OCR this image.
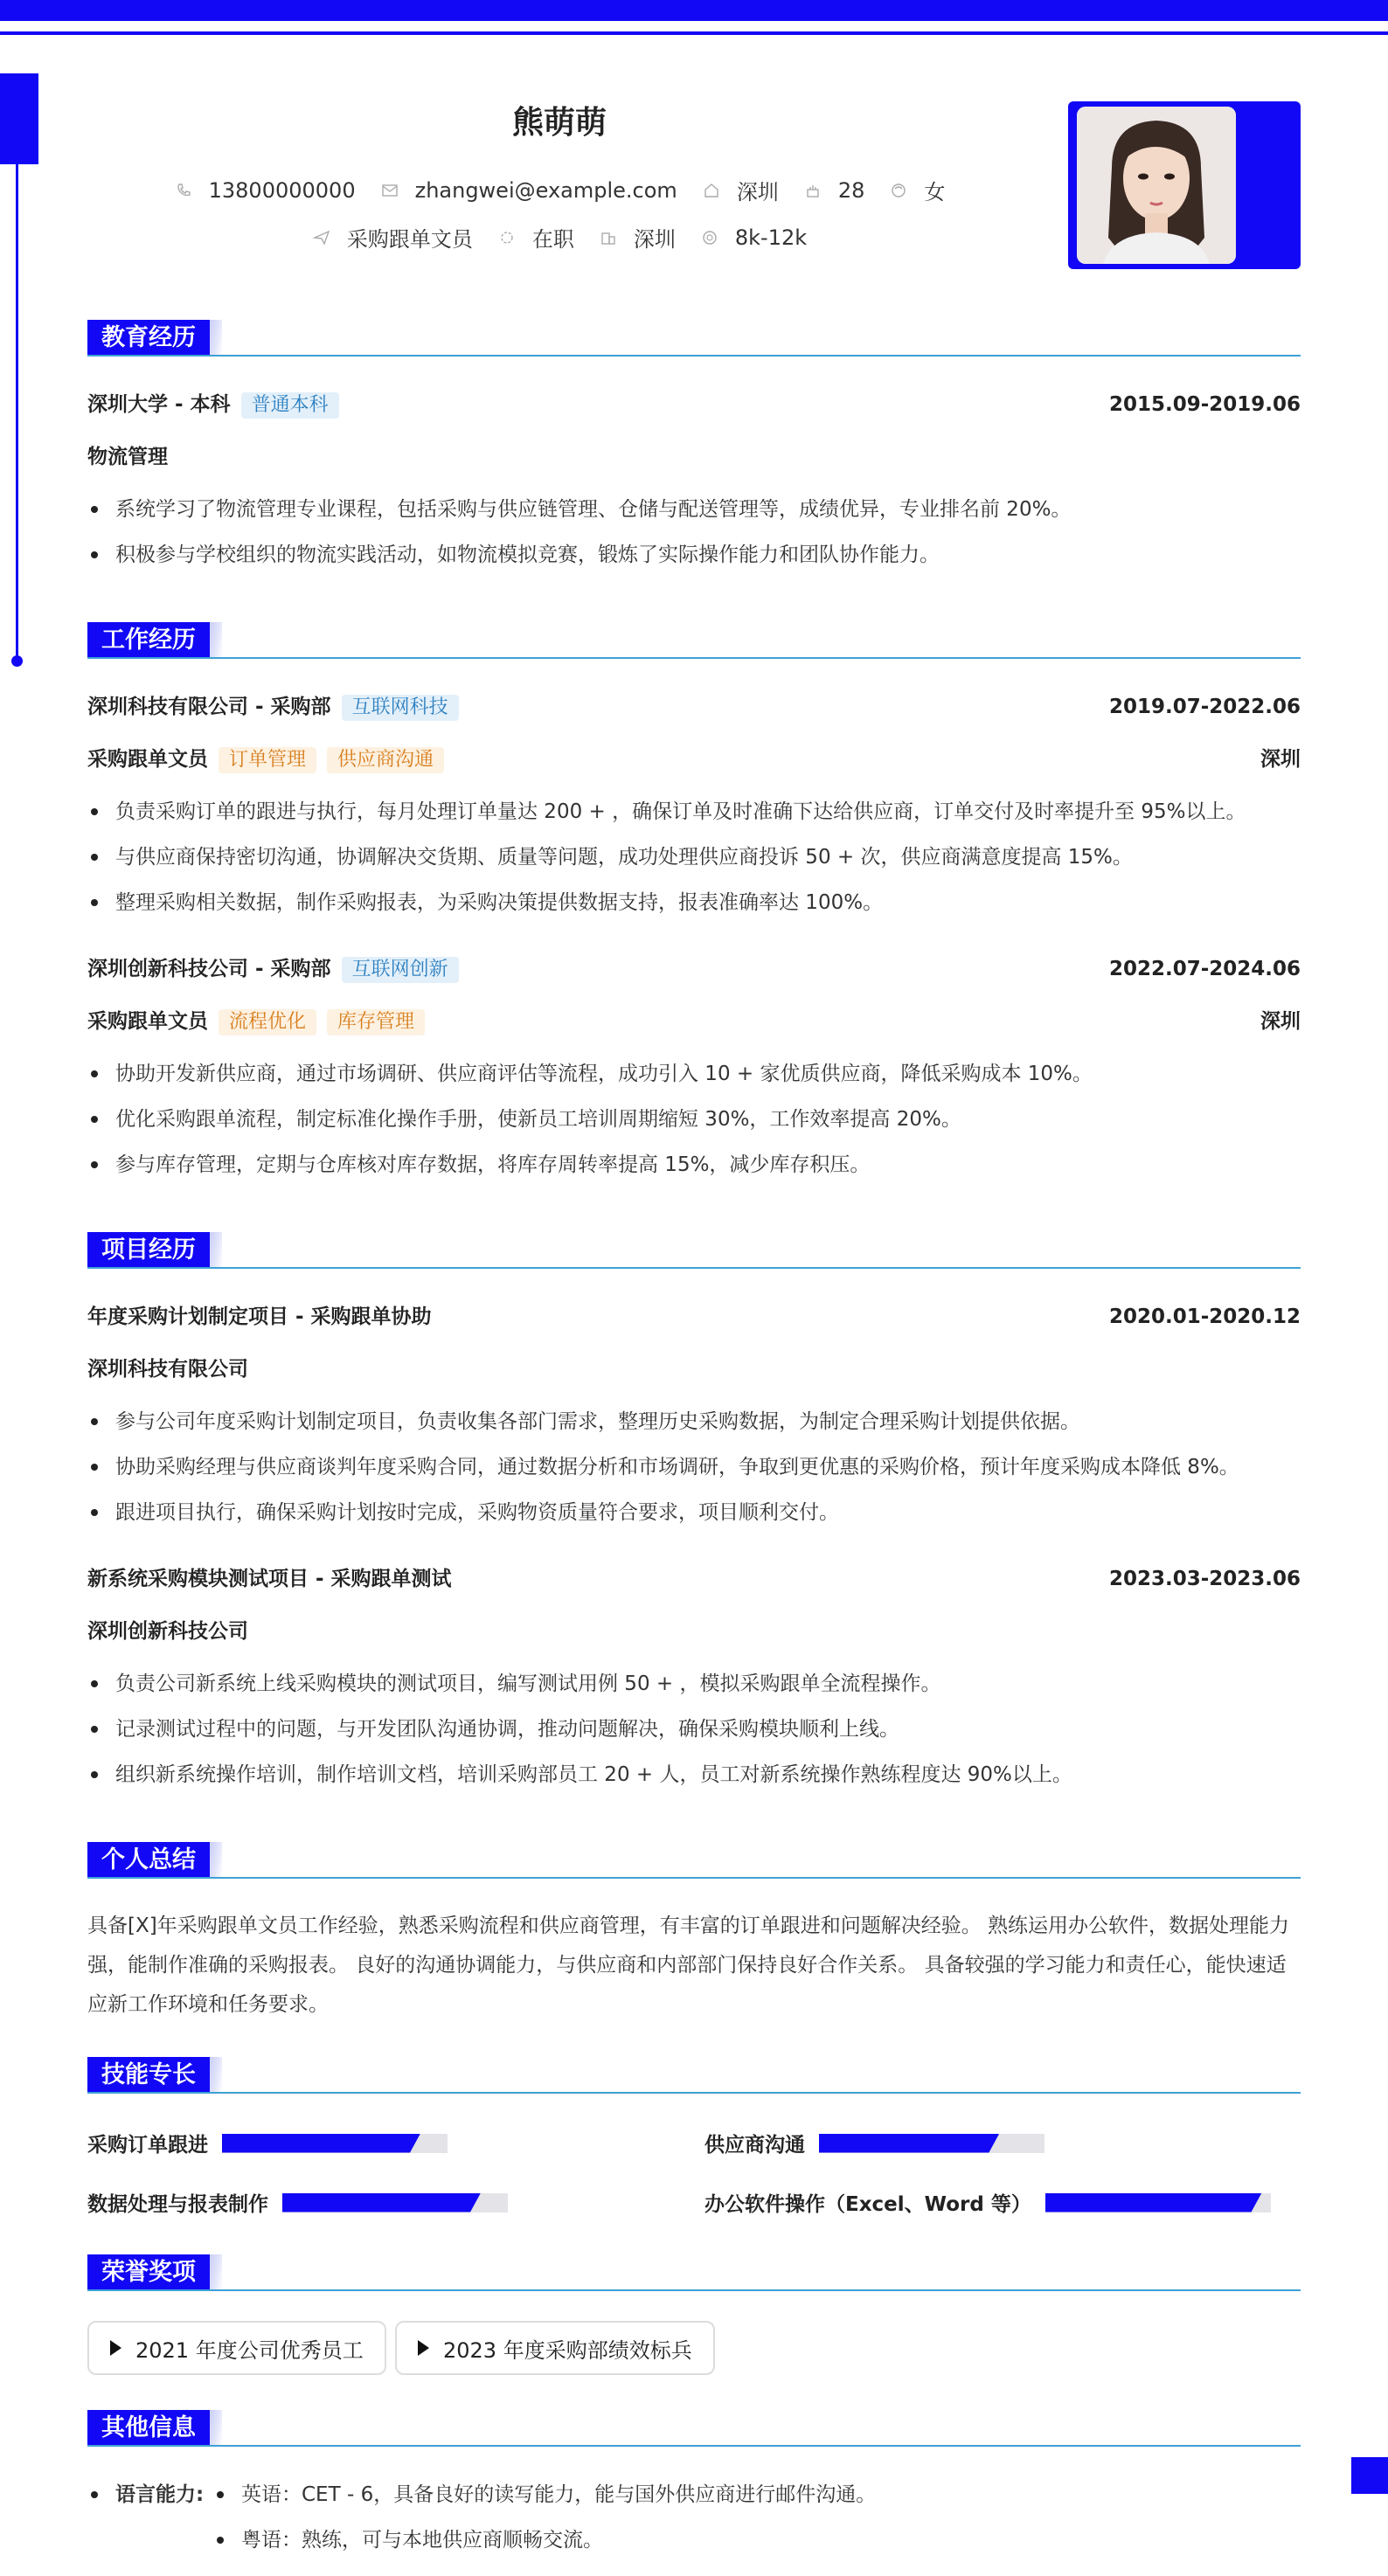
熊萌萌
13800000000	zhangwei@example.com	深圳	28	女
采购跟单文员	在职	深圳	8k-12k
教育经历
深圳大学 - 本科 普通本科	2015.09-2019.06
物流管理
系统学习了物流管理专业课程，包括采购与供应链管理、仓储与配送管理等，成绩优异，专业排名前 20%。
积极参与学校组织的物流实践活动，如物流模拟竞赛，锻炼了实际操作能力和团队协作能力。
工作经历
深圳科技有限公司 - 采购部 互联网科技	2019.07-2022.06
采购跟单文员 订单管理 供应商沟通	深圳
负责采购订单的跟进与执行，每月处理订单量达 200 + ，确保订单及时准确下达给供应商，订单交付及时率提升至 95%以上。
与供应商保持密切沟通，协调解决交货期、质量等问题，成功处理供应商投诉 50 + 次，供应商满意度提高 15%。
整理采购相关数据，制作采购报表，为采购决策提供数据支持，报表准确率达 100%。
深圳创新科技公司 - 采购部 互联网创新	2022.07-2024.06
采购跟单文员 流程优化 库存管理	深圳
协助开发新供应商，通过市场调研、供应商评估等流程，成功引入 10 + 家优质供应商，降低采购成本 10%。
优化采购跟单流程，制定标准化操作手册，使新员工培训周期缩短 30%，工作效率提高 20%。
参与库存管理，定期与仓库核对库存数据，将库存周转率提高 15%，减少库存积压。
项目经历
年度采购计划制定项目 - 采购跟单协助	2020.01-2020.12
深圳科技有限公司
参与公司年度采购计划制定项目，负责收集各部门需求，整理历史采购数据，为制定合理采购计划提供依据。
协助采购经理与供应商谈判年度采购合同，通过数据分析和市场调研，争取到更优惠的采购价格，预计年度采购成本降低 8%。
跟进项目执行，确保采购计划按时完成，采购物资质量符合要求，项目顺利交付。
新系统采购模块测试项目 - 采购跟单测试	2023.03-2023.06
深圳创新科技公司
负责公司新系统上线采购模块的测试项目，编写测试用例 50 + ，模拟采购跟单全流程操作。
记录测试过程中的问题，与开发团队沟通协调，推动问题解决，确保采购模块顺利上线。
组织新系统操作培训，制作培训文档，培训采购部员工 20 + 人，员工对新系统操作熟练程度达 90%以上。
个人总结
具备[X]年采购跟单文员工作经验，熟悉采购流程和供应商管理，有丰富的订单跟进和问题解决经验。 熟练运用办公软件，数据处理能力强，能制作准确的采购报表。 良好的沟通协调能力，与供应商和内部部门保持良好合作关系。 具备较强的学习能力和责任心，能快速适应新工作环境和任务要求。
技能专长
采购订单跟进	供应商沟通
数据处理与报表制作	办公软件操作（Excel、Word 等）
荣誉奖项
2021 年度公司优秀员工	2023 年度采购部绩效标兵
其他信息
语言能力:	英语：CET - 6，具备良好的读写能力，能与国外供应商进行邮件沟通。
粤语：熟练，可与本地供应商顺畅交流。
